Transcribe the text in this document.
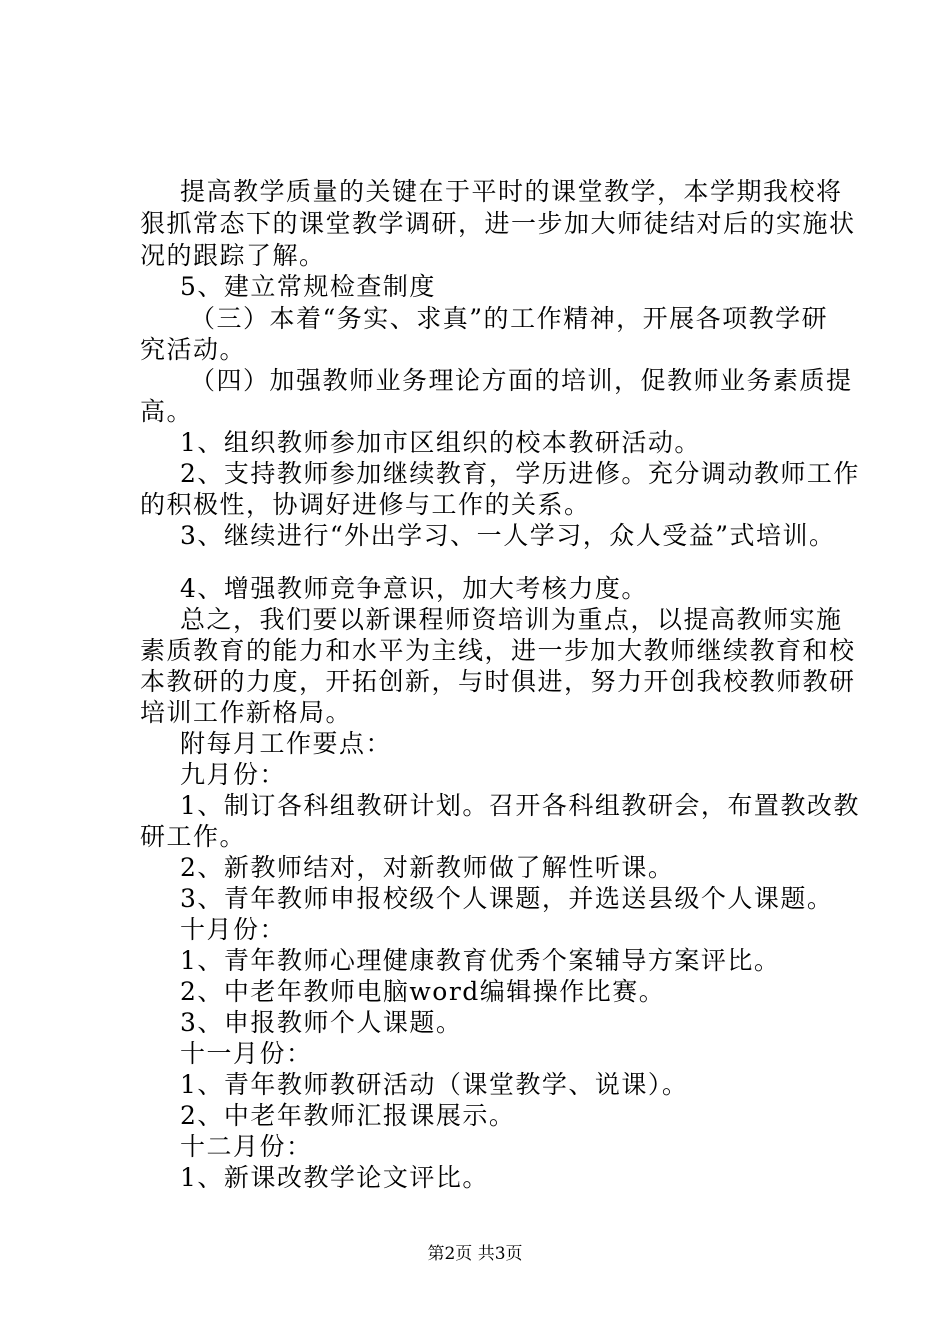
提高教学质量的关键在于平时的课堂教学，本学期我校将
狠抓常态下的课堂教学调研，进一步加大师徒结对后的实施状
况的跟踪了解。
5、建立常规检查制度
（三）本着“务实、求真”的工作精神，开展各项教学研
究活动。
（四）加强教师业务理论方面的培训，促教师业务素质提
高。
1、组织教师参加市区组织的校本教研活动。
2、支持教师参加继续教育，学历进修。充分调动教师工作
的积极性，协调好进修与工作的关系。
3、继续进行“外出学习、一人学习，众人受益”式培训。
4、增强教师竞争意识，加大考核力度。
总之，我们要以新课程师资培训为重点，以提高教师实施
素质教育的能力和水平为主线，进一步加大教师继续教育和校
本教研的力度，开拓创新，与时俱进，努力开创我校教师教研
培训工作新格局。
附每月工作要点：
九月份：
1、制订各科组教研计划。召开各科组教研会，布置教改教
研工作。
2、新教师结对，对新教师做了解性听课。
3、青年教师申报校级个人课题，并选送县级个人课题。
十月份：
1、青年教师心理健康教育优秀个案辅导方案评比。
2、中老年教师电脑word编辑操作比赛。
3、申报教师个人课题。
十一月份：
1、青年教师教研活动（课堂教学、说课）。
2、中老年教师汇报课展示。
十二月份：
1、新课改教学论文评比。
第2页 共3页
